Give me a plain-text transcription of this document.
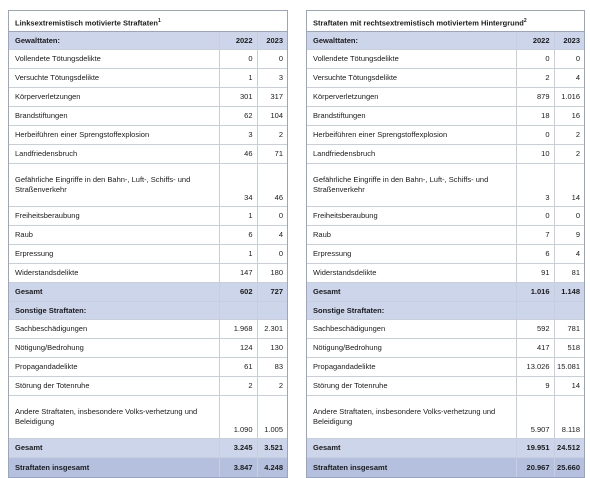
Linksextremistisch motivierte Straftaten$^1$
Gewalttaten:	2022	2023
Vollendete Tötungsdelikte	0	0
Versuchte Tötungsdelikte	1	3
Körperverletzungen	301	317
Brandstiftungen	62	104
Herbeiführen einer Sprengstoffexplosion	3	2
Landfriedensbruch	46	71
Gefährliche Eingriffe in den Bahn-, Luft-, Schiffs- und Straßenverkehr	34	46
Freiheitsberaubung	1	0
Raub	6	4
Erpressung	1	0
Widerstandsdelikte	147	180
Gesamt	602	727
Sonstige Straftaten:		
Sachbeschädigungen	1.968	2.301
Nötigung/Bedrohung	124	130
Propagandadelikte	61	83
Störung der Totenruhe	2	2
Andere Straftaten, insbesondere Volks-verhetzung und Beleidigung	1.090	1.005
Gesamt	3.245	3.521
Straftaten insgesamt	3.847	4.248
Straftaten mit rechtsextremistisch motiviertem Hintergrund$^2$
Gewalttaten:	2022	2023
Vollendete Tötungsdelikte	0	0
Versuchte Tötungsdelikte	2	4
Körperverletzungen	879	1.016
Brandstiftungen	18	16
Herbeiführen einer Sprengstoffexplosion	0	2
Landfriedensbruch	10	2
Gefährliche Eingriffe in den Bahn-, Luft-, Schiffs- und Straßenverkehr	3	14
Freiheitsberaubung	0	0
Raub	7	9
Erpressung	6	4
Widerstandsdelikte	91	81
Gesamt	1.016	1.148
Sonstige Straftaten:		
Sachbeschädigungen	592	781
Nötigung/Bedrohung	417	518
Propagandadelikte	13.026	15.081
Störung der Totenruhe	9	14
Andere Straftaten, insbesondere Volks-verhetzung und Beleidigung	5.907	8.118
Gesamt	19.951	24.512
Straftaten insgesamt	20.967	25.660
